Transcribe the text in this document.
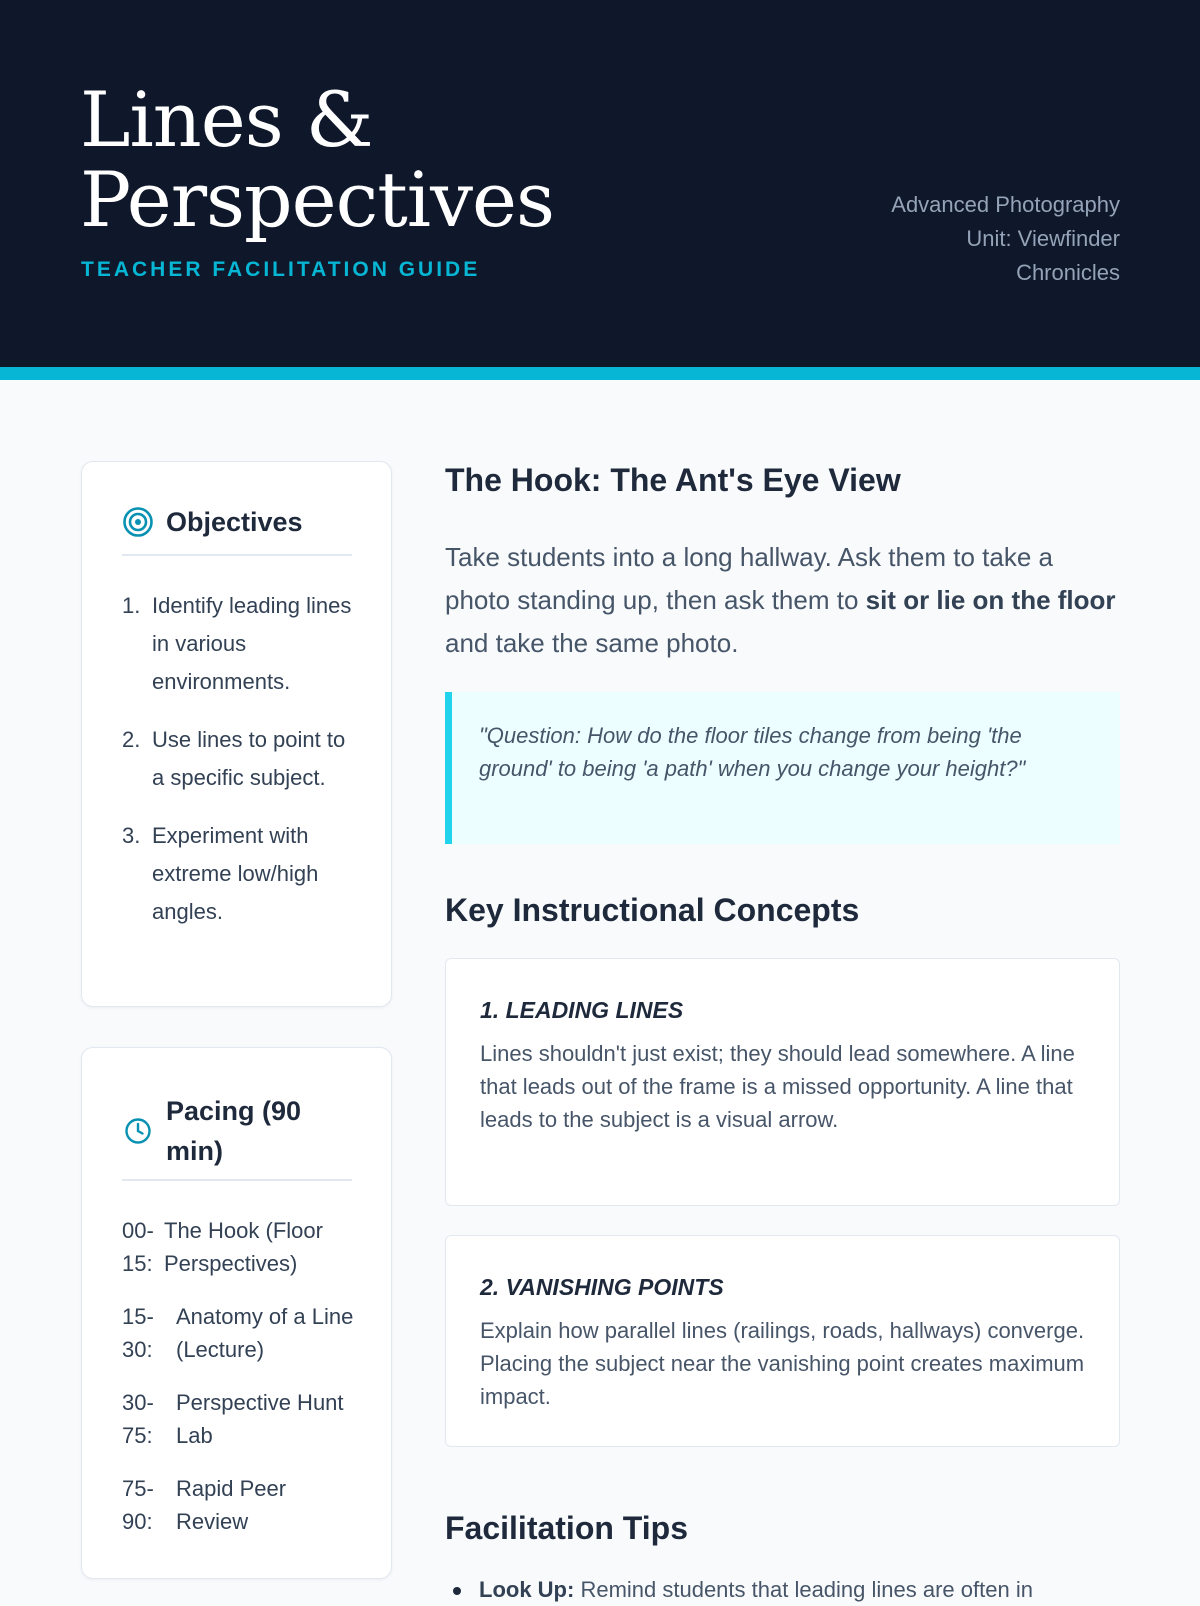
Lines &
Perspectives
TEACHER FACILITATION GUIDE
Advanced Photography
Unit: Viewfinder
Chronicles
Objectives
1. Identify leading lines in various environments.
2. Use lines to point to a specific subject.
3. Experiment with extreme low/high angles.
Pacing (90 min)
00-15:
The Hook (Floor Perspectives)
15-30:
Anatomy of a Line (Lecture)
30-75:
Perspective Hunt Lab
75-90:
Rapid Peer Review
The Hook: The Ant's Eye View

Take students into a long hallway. Ask them to take a photo standing up, then ask them to sit or lie on the floor and take the same photo.

"Question: How do the floor tiles change from being 'the ground' to being 'a path' when you change your height?"
Key Instructional Concepts
1. LEADING LINES

Lines shouldn't just exist; they should lead somewhere. A line that leads out of the frame is a missed opportunity. A line that leads to the subject is a visual arrow.

2. VANISHING POINTS

Explain how parallel lines (railings, roads, hallways) converge. Placing the subject near the vanishing point creates maximum impact.

Facilitation Tips
Look Up: Remind students that leading lines are often in
